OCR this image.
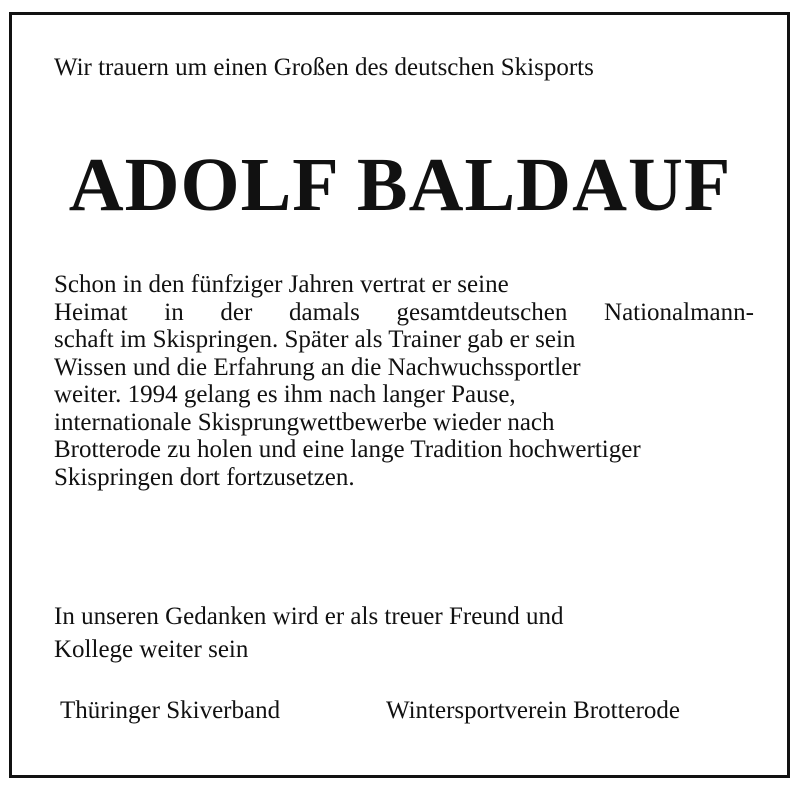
Wir trauern um einen Großen des deutschen Skisports
ADOLF BALDAUF
Schon in den fünfziger Jahren vertrat er seine
Heimat in der damals gesamtdeutschen Nationalmann-
schaft im Skispringen. Später als Trainer gab er sein
Wissen und die Erfahrung an die Nachwuchssportler
weiter. 1994 gelang es ihm nach langer Pause,
internationale Skisprungwettbewerbe wieder nach
Brotterode zu holen und eine lange Tradition hochwertiger
Skispringen dort fortzusetzen.
In unseren Gedanken wird er als treuer Freund und
Kollege weiter sein
Thüringer Skiverband	Wintersportverein Brotterode
